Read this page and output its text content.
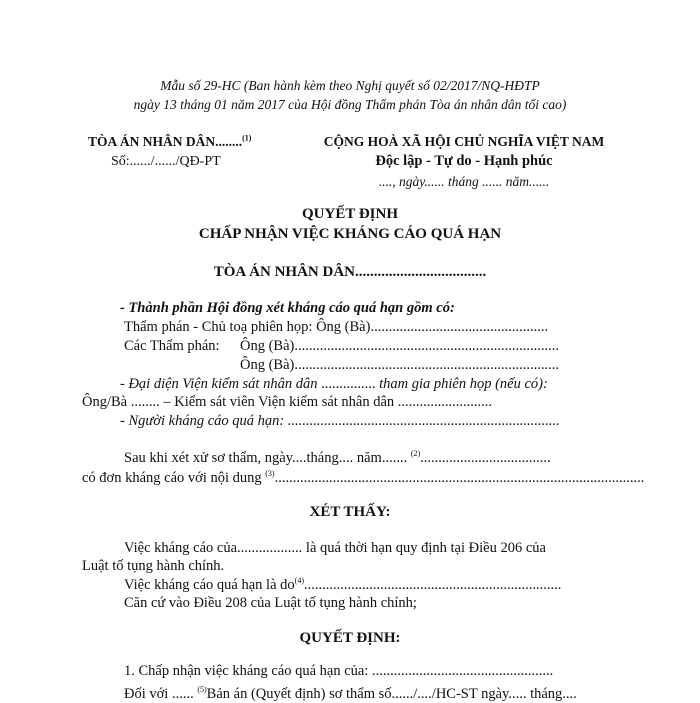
Mẫu số 29-HC (Ban hành kèm theo Nghị quyết số 02/2017/NQ-HĐTP
ngày 13 tháng 01 năm 2017 của Hội đồng Thẩm phán Tòa án nhân dân tối cao)
TÒA ÁN NHÂN DÂN........$^{(1)}$
Số:....../....../QĐ-PT
CỘNG HOÀ XÃ HỘI CHỦ NGHĨA VIỆT NAM
Độc lập - Tự do - Hạnh phúc
...., ngày...... tháng ...... năm......
QUYẾT ĐỊNH
CHẤP NHẬN VIỆC KHÁNG CÁO QUÁ HẠN
TÒA ÁN NHÂN DÂN...................................
- Thành phần Hội đồng xét kháng cáo quá hạn gồm có:
Thẩm phán - Chủ toạ phiên họp: Ông (Bà).................................................
Các Thẩm phán: Ông (Bà).........................................................................
Ông (Bà).........................................................................
- Đại diện Viện kiểm sát nhân dân ............... tham gia phiên họp (nếu có):
Ông/Bà ........ – Kiểm sát viên Viện kiểm sát nhân dân ..........................
- Người kháng cáo quá hạn: ...........................................................................
Sau khi xét xử sơ thẩm, ngày....tháng.... năm....... $^{(2)}$....................................
có đơn kháng cáo với nội dung $^{(3)}$......................................................................................................
XÉT THẤY:
Việc kháng cáo của.................. là quá thời hạn quy định tại Điều 206 của
Luật tố tụng hành chính.
Việc kháng cáo quá hạn là $do^{(4)}$.......................................................................
Căn cứ vào Điều 208 của Luật tố tụng hành chính;
QUYẾT ĐỊNH:
1. Chấp nhận việc kháng cáo quá hạn của: ..................................................
Đối với ...... $^{(5)}$Bản án (Quyết định) sơ thẩm số....../..../HC-ST ngày..... tháng....
